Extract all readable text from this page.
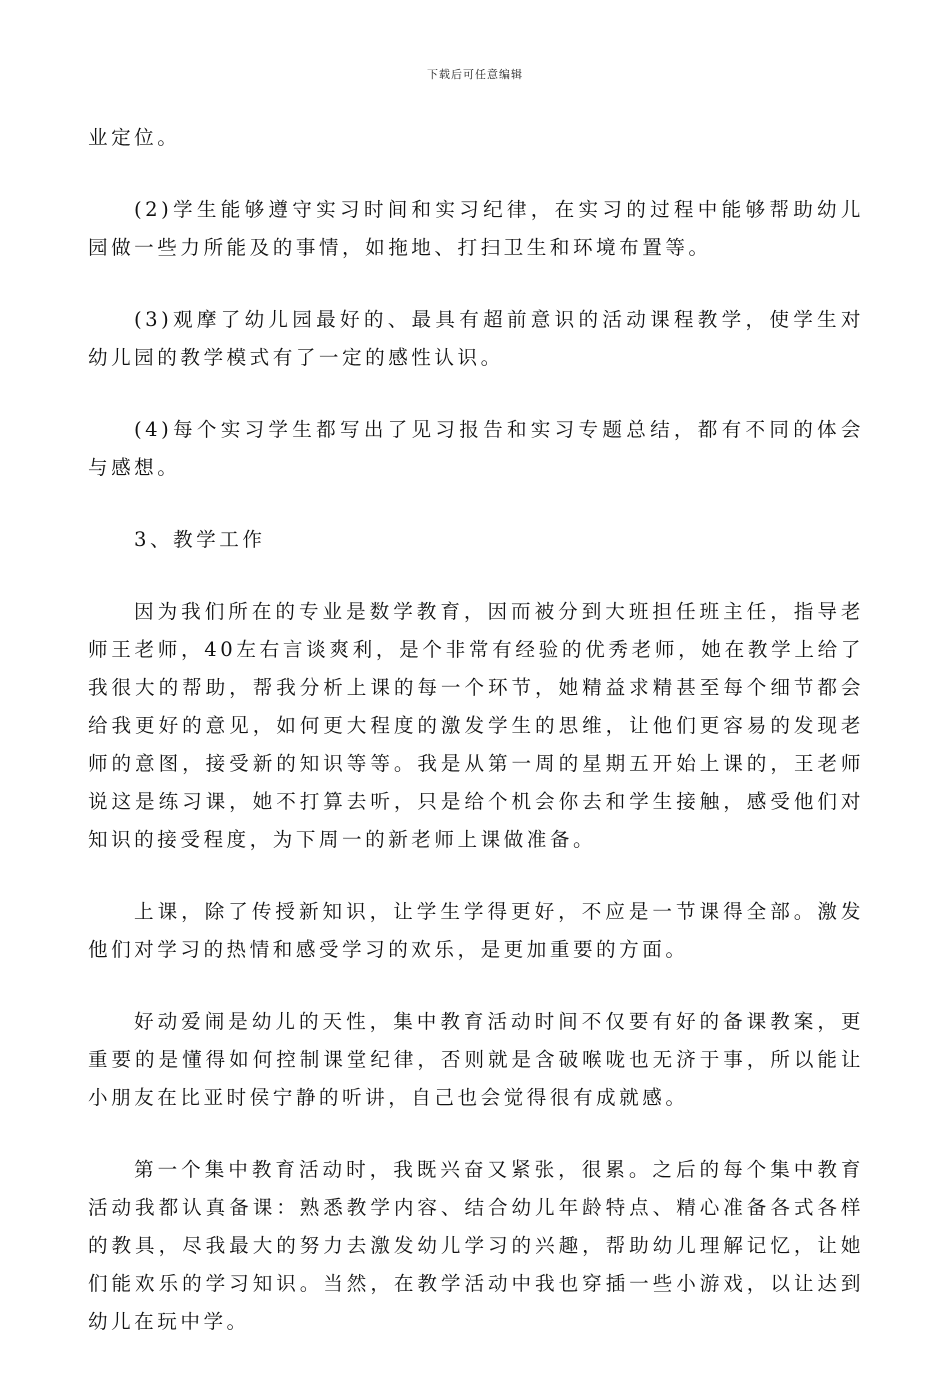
下载后可任意编辑

业定位。

(2)学生能够遵守实习时间和实习纪律，在实习的过程中能够帮助幼儿园做一些力所能及的事情，如拖地、打扫卫生和环境布置等。

(3)观摩了幼儿园最好的、最具有超前意识的活动课程教学，使学生对幼儿园的教学模式有了一定的感性认识。

(4)每个实习学生都写出了见习报告和实习专题总结，都有不同的体会与感想。

3、教学工作

因为我们所在的专业是数学教育，因而被分到大班担任班主任，指导老师王老师，40左右言谈爽利，是个非常有经验的优秀老师，她在教学上给了我很大的帮助，帮我分析上课的每一个环节，她精益求精甚至每个细节都会给我更好的意见，如何更大程度的激发学生的思维，让他们更容易的发现老师的意图，接受新的知识等等。我是从第一周的星期五开始上课的，王老师说这是练习课，她不打算去听，只是给个机会你去和学生接触，感受他们对知识的接受程度，为下周一的新老师上课做准备。

上课，除了传授新知识，让学生学得更好，不应是一节课得全部。激发他们对学习的热情和感受学习的欢乐，是更加重要的方面。

好动爱闹是幼儿的天性，集中教育活动时间不仅要有好的备课教案，更重要的是懂得如何控制课堂纪律，否则就是含破喉咙也无济于事，所以能让小朋友在比亚时侯宁静的听讲，自己也会觉得很有成就感。

第一个集中教育活动时，我既兴奋又紧张，很累。之后的每个集中教育活动我都认真备课：熟悉教学内容、结合幼儿年龄特点、精心准备各式各样的教具，尽我最大的努力去激发幼儿学习的兴趣，帮助幼儿理解记忆，让她们能欢乐的学习知识。当然，在教学活动中我也穿插一些小游戏，以让达到幼儿在玩中学。
